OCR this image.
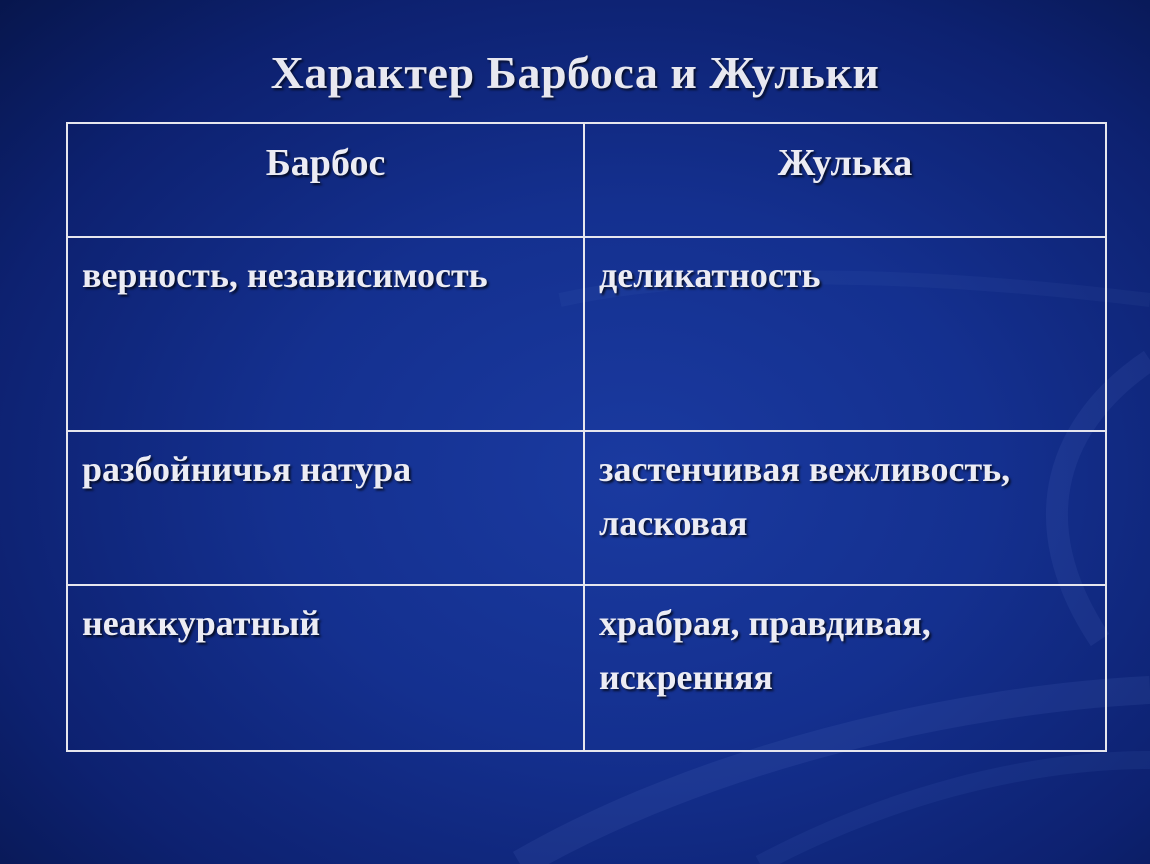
Характер Барбоса и Жульки
Барбос	Жулька
верность, независимость	деликатность
разбойничья натура	застенчивая вежливость, ласковая
неаккуратный	храбрая, правдивая, искренняя
